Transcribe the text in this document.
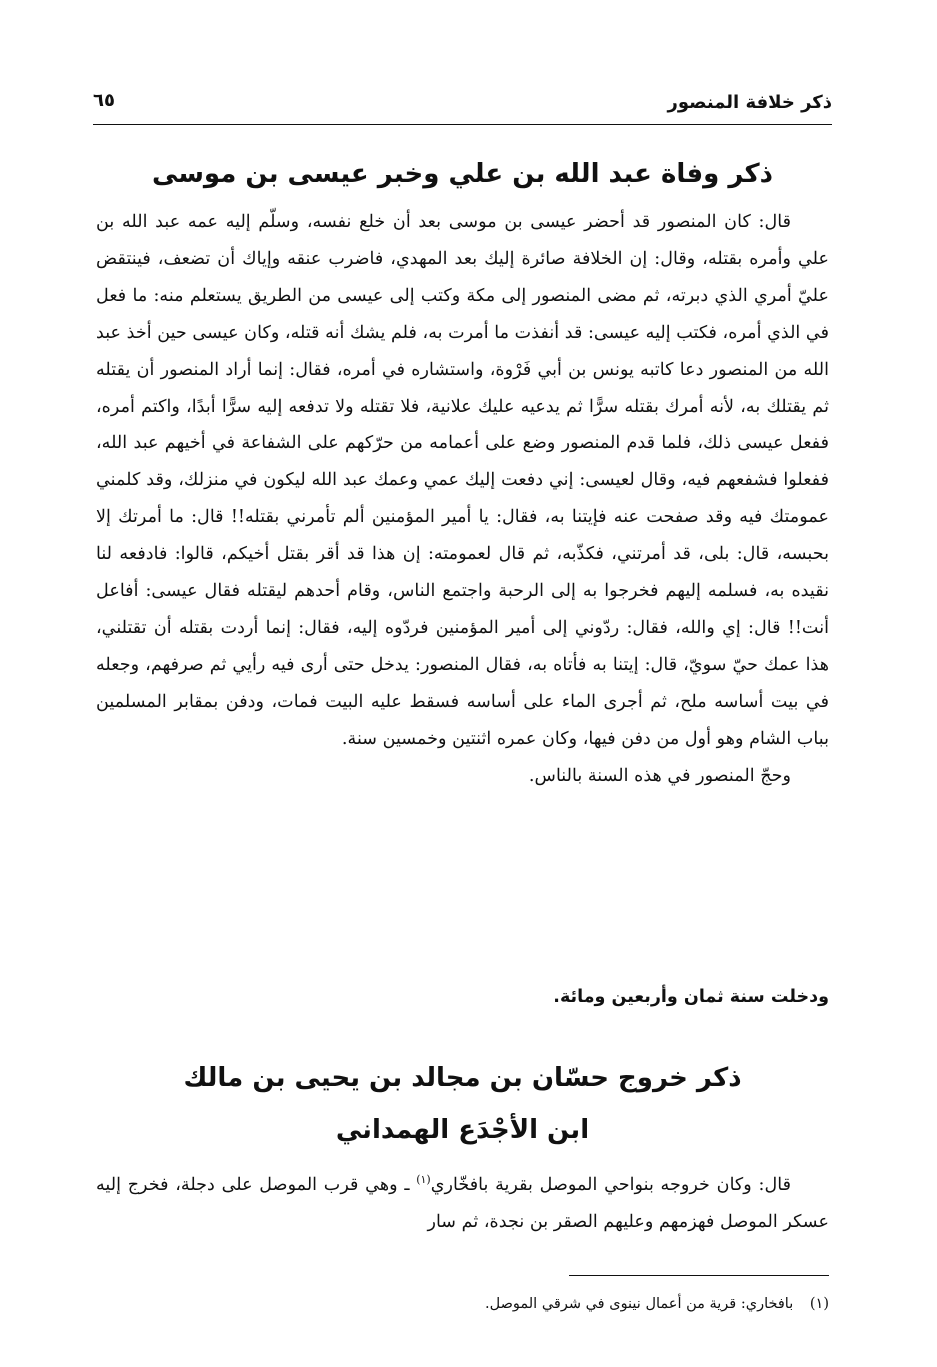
ذكر خلافة المنصور
٦٥
ذكر وفاة عبد الله بن علي وخبر عيسى بن موسى

قال: كان المنصور قد أحضر عيسى بن موسى بعد أن خلع نفسه، وسلّم إليه عمه عبد الله بن علي وأمره بقتله، وقال: إن الخلافة صائرة إليك بعد المهدي، فاضرب عنقه وإياك أن تضعف، فينتقض عليّ أمري الذي دبرته، ثم مضى المنصور إلى مكة وكتب إلى عيسى من الطريق يستعلم منه: ما فعل في الذي أمره، فكتب إليه عيسى: قد أنفذت ما أمرت به، فلم يشك أنه قتله، وكان عيسى حين أخذ عبد الله من المنصور دعا كاتبه يونس بن أبي فَرْوة، واستشاره في أمره، فقال: إنما أراد المنصور أن يقتله ثم يقتلك به، لأنه أمرك بقتله سرًّا ثم يدعيه عليك علانية، فلا تقتله ولا تدفعه إليه سرًّا أبدًا، واكتم أمره، ففعل عيسى ذلك، فلما قدم المنصور وضع على أعمامه من حرّكهم على الشفاعة في أخيهم عبد الله، ففعلوا فشفعهم فيه، وقال لعيسى: إني دفعت إليك عمي وعمك عبد الله ليكون في منزلك، وقد كلمني عمومتك فيه وقد صفحت عنه فإيتنا به، فقال: يا أمير المؤمنين ألم تأمرني بقتله!! قال: ما أمرتك إلا بحبسه، قال: بلى، قد أمرتني، فكذّبه، ثم قال لعمومته: إن هذا قد أقر بقتل أخيكم، قالوا: فادفعه لنا نقيده به، فسلمه إليهم فخرجوا به إلى الرحبة واجتمع الناس، وقام أحدهم ليقتله فقال عيسى: أفاعل أنت!! قال: إي والله، فقال: ردّوني إلى أمير المؤمنين فردّوه إليه، فقال: إنما أردت بقتله أن تقتلني، هذا عمك حيّ سويّ، قال: إيتنا به فأتاه به، فقال المنصور: يدخل حتى أرى فيه رأيي ثم صرفهم، وجعله في بيت أساسه ملح، ثم أجرى الماء على أساسه فسقط عليه البيت فمات، ودفن بمقابر المسلمين بباب الشام وهو أول من دفن فيها، وكان عمره اثنتين وخمسين سنة.

وحجّ المنصور في هذه السنة بالناس.

ودخلت سنة ثمان وأربعين ومائة.
ذكر خروج حسّان بن مجالد بن يحيى بن مالك
ابن الأجْدَع الهمداني

قال: وكان خروجه بنواحي الموصل بقرية بافخّاري$^{(١)}$ ـ وهي قرب الموصل على دجلة، فخرج إليه عسكر الموصل فهزمهم وعليهم الصقر بن نجدة، ثم سار

(١) بافخاري: قرية من أعمال نينوى في شرقي الموصل.
